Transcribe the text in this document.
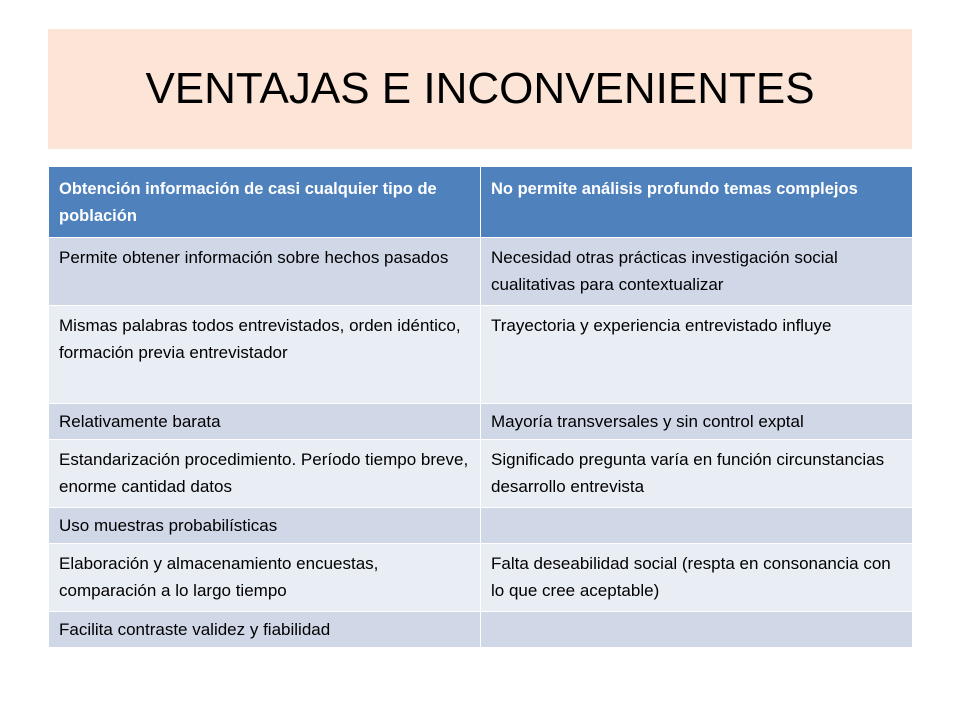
VENTAJAS E INCONVENIENTES
Obtención información de casi cualquier tipo de población	No permite análisis profundo temas complejos
Permite obtener información sobre hechos pasados	Necesidad otras prácticas investigación social cualitativas para contextualizar
Mismas palabras todos entrevistados, orden idéntico, formación previa entrevistador	Trayectoria y experiencia entrevistado influye
Relativamente barata	Mayoría transversales y sin control exptal
Estandarización procedimiento. Período tiempo breve, enorme cantidad datos	Significado pregunta varía en función circunstancias desarrollo entrevista
Uso muestras probabilísticas	
Elaboración y almacenamiento encuestas, comparación a lo largo tiempo	Falta deseabilidad social (respta en consonancia con lo que cree aceptable)
Facilita contraste validez y fiabilidad	
